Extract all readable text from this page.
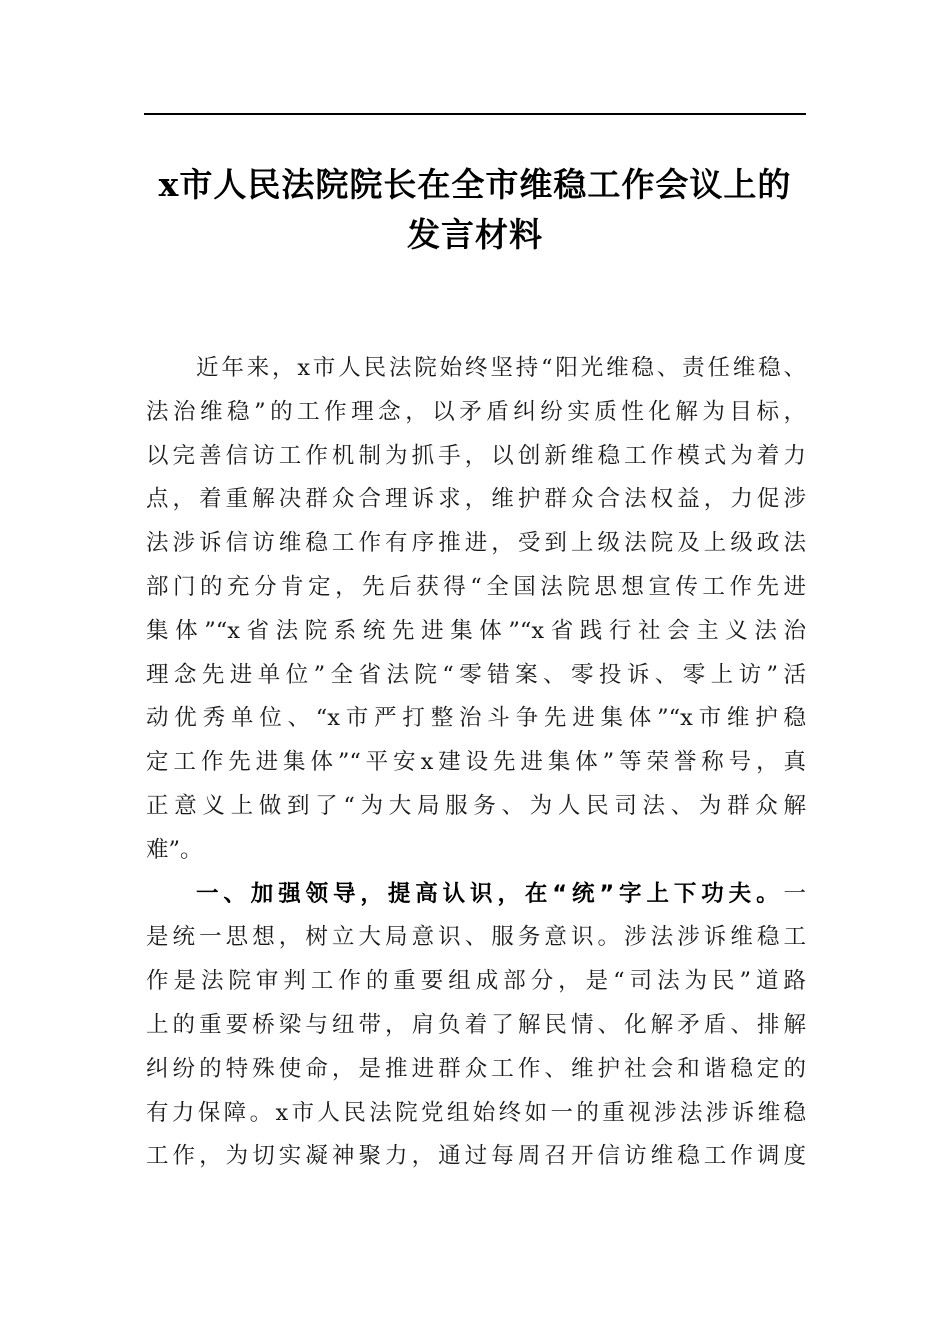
x市人民法院院长在全市维稳工作会议上的
发言材料
近年来，x市人民法院始终坚持“阳光维稳、责任维稳、
法治维稳”的工作理念，以矛盾纠纷实质性化解为目标，
以完善信访工作机制为抓手，以创新维稳工作模式为着力
点，着重解决群众合理诉求，维护群众合法权益，力促涉
法涉诉信访维稳工作有序推进，受到上级法院及上级政法
部门的充分肯定，先后获得“全国法院思想宣传工作先进
集体”“x省法院系统先进集体”“x省践行社会主义法治
理念先进单位”全省法院“零错案、零投诉、零上访”活
动优秀单位、“x市严打整治斗争先进集体”“x市维护稳
定工作先进集体”“平安x建设先进集体”等荣誉称号，真
正意义上做到了“为大局服务、为人民司法、为群众解
难”。
一、加强领导，提高认识，在“统”字上下功夫。一
是统一思想，树立大局意识、服务意识。涉法涉诉维稳工
作是法院审判工作的重要组成部分，是“司法为民”道路
上的重要桥梁与纽带，肩负着了解民情、化解矛盾、排解
纠纷的特殊使命，是推进群众工作、维护社会和谐稳定的
有力保障。x市人民法院党组始终如一的重视涉法涉诉维稳
工作，为切实凝神聚力，通过每周召开信访维稳工作调度
